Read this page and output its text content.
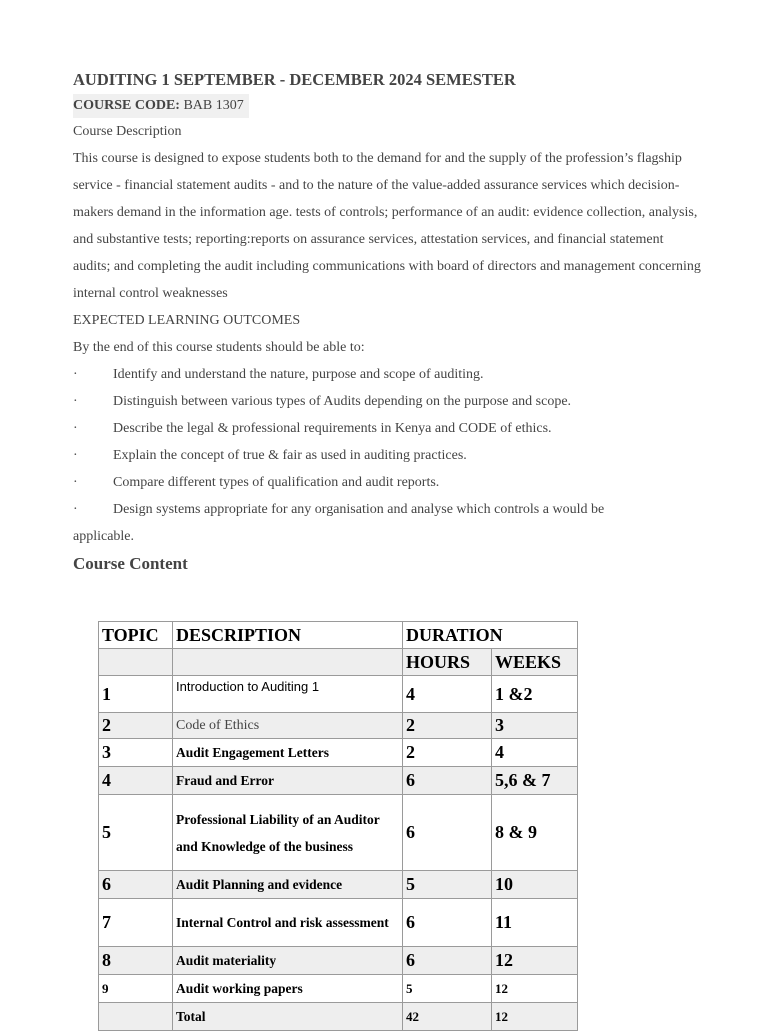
AUDITING 1 SEPTEMBER - DECEMBER 2024 SEMESTER
COURSE CODE: BAB 1307

Course Description

This course is designed to expose students both to the demand for and the supply of the profession’s flagship service - financial statement audits - and to the nature of the value-added assurance services which decision-makers demand in the information age. tests of controls; performance of an audit: evidence collection, analysis, and substantive tests; reporting:reports on assurance services, attestation services, and financial statement audits; and completing the audit including communications with board of directors and management concerning internal control weaknesses

EXPECTED LEARNING OUTCOMES

By the end of this course students should be able to:

·	Identify and understand the nature, purpose and scope of auditing.
·	Distinguish between various types of Audits depending on the purpose and scope.
·	Describe the legal & professional requirements in Kenya and CODE of ethics.
·	Explain the concept of true & fair as used in auditing practices.
·	Compare different types of qualification and audit reports.
·	Design systems appropriate for any organisation and analyse which controls a would be
applicable.
Course Content
TOPIC	DESCRIPTION	DURATION	
		HOURS	WEEKS
1	Introduction to Auditing 1	4	1 &2
2	Code of Ethics	2	3
3	Audit Engagement Letters	2	4
4	Fraud and Error	6	5,6 & 7
5	Professional Liability of an Auditor and Knowledge of the business	6	8 & 9
6	Audit Planning and evidence	5	10
7	Internal Control and risk assessment	6	11
8	Audit materiality	6	12
9	Audit working papers	5	12
	Total	42	12
